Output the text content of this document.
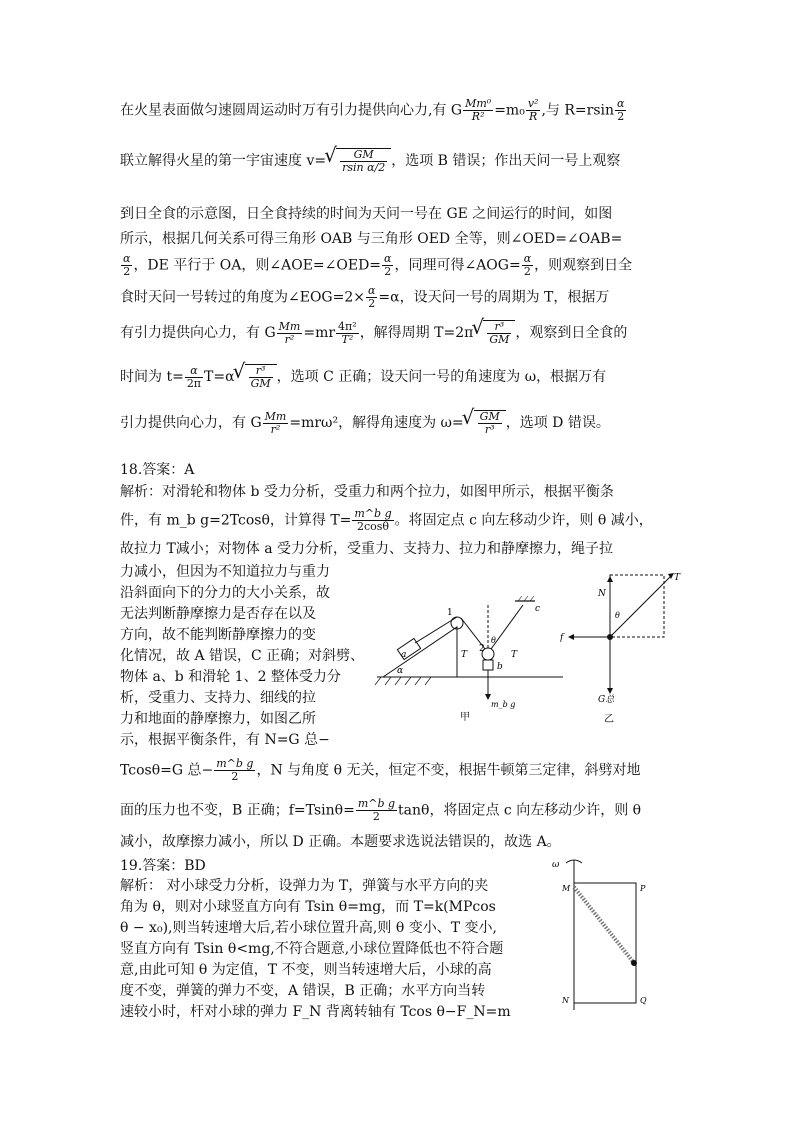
在火星表面做匀速圆周运动时万有引力提供向心力,有 G $\frac{\text{Mm⁰}}{\text{R²}} =m_0 \frac{\text{v²}}{R}$ ,与 $R=rsin \frac{\alpha}{2}$
联立解得火星的第一宇宙速度 v= √ $\frac{GM}{\text{rsin α/2}}$ ，选项 B 错误；作出天问一号上观察
到日全食的示意图，日全食持续的时间为天问一号在 GE 之间运行的时间，如图
所示，根据几何关系可得三角形 OAB 与三角形 OED 全等，则∠OED=∠OAB=
$\frac{\alpha}{2}$ ，DE 平行于 OA，则∠AOE=∠OED= $\frac{\alpha}{2}$ ，同理可得∠AOG= $\frac{\alpha}{2}$ ，则观察到日全
食时天问一号转过的角度为∠EOG=2× $\frac{\alpha}{2} =\alpha$，设天问一号的周期为 T，根据万
有引力提供向心力，有 G $\frac{Mm}{\text{r²}} =mr \frac{\text{4π²}}{\text{T²}}$ ，解得周期 T=2π √ $\frac{\text{r³}}{GM}$ ，观察到日全食的
时间为 $t= \frac{\alpha}{2\pi} T=\alpha$ √ $\frac{\text{r³}}{GM}$ ，选项 C 正确；设天问一号的角速度为 ω，根据万有
引力提供向心力，有 G $\frac{Mm}{\text{r²}} =mr\omega^2$，解得角速度为 ω= √ $\frac{GM}{\text{r³}}$ ，选项 D 错误。
18.答案：A
解析：对滑轮和物体 b 受力分析，受重力和两个拉力，如图甲所示，根据平衡条
件，有 m_b g=2Tcosθ，计算得 $T= \frac{\text{m\textasciicircum{}b g}}{2\cos\theta}$ 。将固定点 c 向左移动少许，则 θ 减小，
故拉力 T减小；对物体 a 受力分析，受重力、支持力、拉力和静摩擦力，绳子拉
力减小，但因为不知道拉力与重力
沿斜面向下的分力的大小关系，故
无法判断静摩擦力是否存在以及
方向，故不能判断静摩擦力的变
化情况，故 A 错误，C 正确；对斜劈、
物体 a、b 和滑轮 1、2 整体受力分
析，受重力、支持力、细线的拉
力和地面的静摩擦力，如图乙所
示，根据平衡条件，有 N=G 总−
Tcosθ=G 总− $\frac{\text{m\textasciicircum{}b g}}{2}$ ，N 与角度 θ 无关，恒定不变，根据牛顿第三定律，斜劈对地
面的压力也不变，B 正确；$f=Tsin\theta= \frac{\text{m\textasciicircum{}b g}}{2}$ tanθ，将固定点 c 向左移动少许，则 θ
减小，故摩擦力减小，所以 D 正确。本题要求选说法错误的，故选 A。
19.答案：BD
解析： 对小球受力分析，设弹力为 T，弹簧与水平方向的夹
角为 θ，则对小球竖直方向有 Tsin θ=mg，而 T=k(MPcos
θ − x₀),则当转速增大后,若小球位置升高,则 θ 变小、T 变小,
竖直方向有 Tsin θ<mg,不符合题意,小球位置降低也不符合题
意,由此可知 θ 为定值，T 不变，则当转速增大后，小球的高
度不变，弹簧的弹力不变，A 错误，B 正确；水平方向当转
速较小时，杆对小球的弹力 F_N 背离转轴有 Tcos θ−F_N=m
1
2
θ
T	T
c
a
b
α
m_b g
甲
N
T
θ
f
G总
乙
ω
M	P
N	Q
